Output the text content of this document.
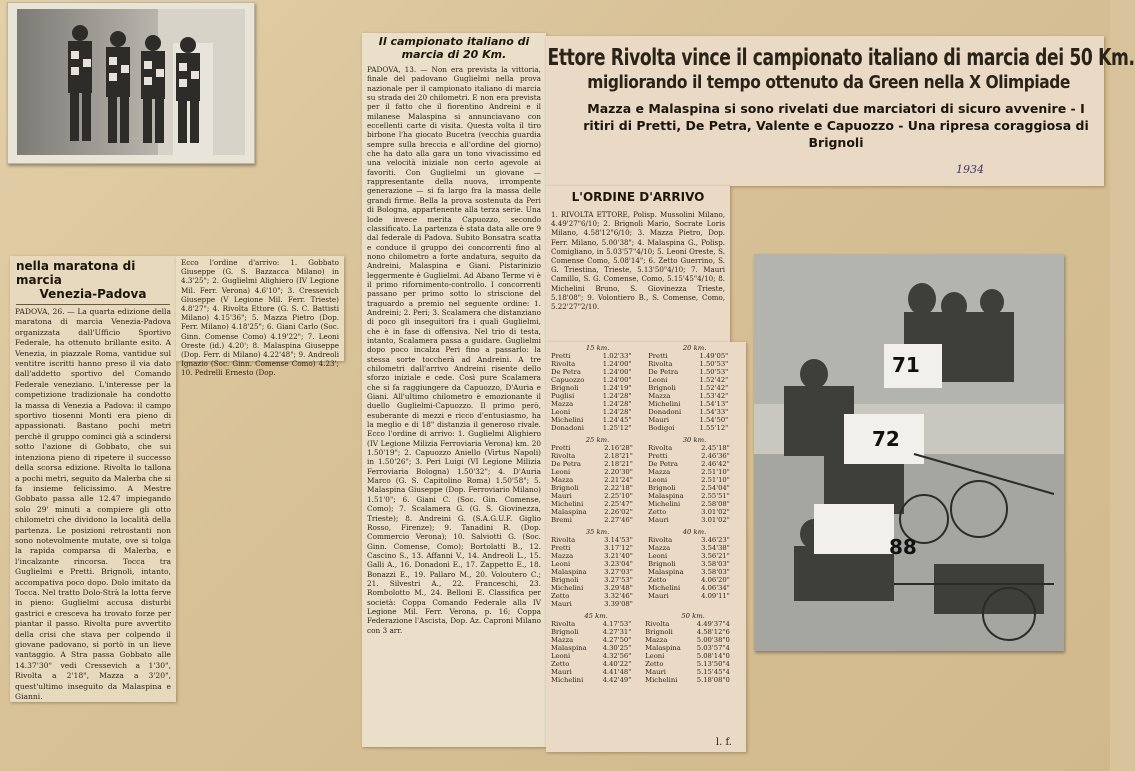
nella maratona di marcia
Venezia-Padova
PADOVA, 26. — La quarta edizione della maratona di marcia Venezia-Padova organizzata dall'Ufficio Sportivo Federale, ha ottenuto brillante esito. A Venezia, in piazzale Roma, vantidue sul ventitre iscritti hanno preso il via dato dall'addetto sportivo del Comando Federale veneziano. L'interesse per la competizione tradizionale ha condotto la massa di Venezia a Padova: il campo sportivo tiosenni Monti era pieno di appassionati. Bastano pochi metri perchè il gruppo cominci già a scindersi sotto l'azione di Gobbato, che sui intenziona pieno di ripetere il successo della scorsa edizione. Rivolta lo tallona a pochi metri, seguito da Malerba che si fa insieme felicissimo. A Mestre Gobbato passa alle 12.47 impiegando solo 29' minuti a compiere gli otto chilometri che dividono la località della partenza. Le posizioni retrostanti non sono notevolmente mutate, ove si tolga la rapida comparsa di Malerba, e l'incalzante rincorsa. Tocca tra Guglielmi e Pretti. Brignoli, intanto, accompativa poco dopo. Dolo imitato da Tocca. Nel tratto Dolo-Strà la lotta ferve in pieno: Guglielmi accusa disturbi gastrici e cresceva ha trovato forze per piantar il passo. Rivolta pure avvertito della crisi che stava per colpendo il giovane padovano, si portò in un lieve vantaggio. A Stra passa Gobbato alle 14.37'30" vedi Cressevich a 1'30", Rivolta a 2'18", Mazza a 3'20", quest'ultimo inseguito da Malaspina e Gianni.
Ecco l'ordine d'arrivo: 1. Gobbato Giuseppe (G. S. Bazzacca Milano) in 4.3'25"; 2. Guglielmi Alighiero (IV Legione Mil. Ferr. Verona) 4.6'10"; 3. Cressevich Giuseppe (V Legione Mil. Ferr. Trieste) 4.8'27"; 4. Rivolta Ettore (G. S. C. Battisti Milano) 4.15'36"; 5. Mazza Pietro (Dop. Ferr. Milano) 4.18'25"; 6. Giani Carlo (Soc. Ginn. Comense Como) 4.19'22"; 7. Leoni Oreste (id.) 4.20'; 8. Malaspina Giuseppe (Dop. Ferr. di Milano) 4.22'48"; 9. Andreoli Ignazio (Soc. Ginn. Comense Como) 4.23'; 10. Pedrelli Ernesto (Dop.
Il campionato italiano di marcia di 20 Km.
PADOVA, 13. — Non era prevista la vittoria, finale del padovano Guglielmi nella prova nazionale per il campionato italiano di marcia su strada dei 20 chilometri. E non era prevista per il fatto che il fiorentino Andreini e il milanese Malaspina si annunciavano con eccellenti carte di visita. Questa volta il tiro birbone l'ha giocato Bucetra (vecchia guardia sempre sulla breccia e all'ordine del giorno) che ha dato alla gara un tono vivacissimo ed una velocità iniziale non certo agevole ai favoriti. Con Guglielmi un giovane — rappresentante della nuova, irrompente generazione — si fa largo fra la massa delle grandi firme. Bella la prova sostenuta da Peri di Bologna, appartenente alla terza serie. Una lode invece merita Capuozzo, secondo classificato. La partenza è stata data alle ore 9 dal federale di Padova. Subito Bonsatra scatta e conduce il gruppo dei concorrenti fino al nono chilometro a forte andatura, seguito da Andreini, Malaspina e Giani. Pistarinizio leggermente è Guglielmi. Ad Abano Terme vi è il primo rifornimento-controllo. I concorrenti passano per primo sotto lo striscione del traguardo a premio nel seguente ordine: 1. Andreini; 2. Peri; 3. Scalamera che distanziano di poco gli inseguitori fra i quali Guglielmi, che è in fase di offensiva. Nel trio di testa, intanto, Scalamera passa a guidare. Guglielmi dopo poco incalza Peri fino a passarlo: la stessa sorte toccherà ad Andreini. A tre chilometri dall'arrivo Andreini risente dello sforzo iniziale e cede. Così pure Scalamera che si fa raggiungere da Capuozzo, D'Auria e Giani. All'ultimo chilometro è emozionante il duello Guglielmi-Capuozzo. Il primo però, esuberante di mezzi e ricco d'entusiasmo, ha la meglio e di 18" distanzia il generoso rivale. Ecco l'ordine di arrivo: 1. Guglielmi Alighiero (IV Legione Milizia Ferroviaria Verona) km. 20 1.50'19"; 2. Capuozzo Aniello (Virtus Napoli) in 1.50'26"; 3. Peri Luigi (VI Legione Milizia Ferroviaria Bologna) 1.50'32"; 4. D'Auria Marco (G. S. Capitolino Roma) 1.50'58"; 5. Malaspina Giuseppe (Dop. Ferroviario Milano) 1.51'0"; 6. Giani C. (Soc. Gin. Comense, Como); 7. Scalamera G. (G. S. Giovinezza, Trieste); 8. Andreini G. (S.A.G.U.F. Giglio Rosso, Firenze); 9. Tanadini R. (Dop. Commercio Verona); 10. Salviotti G. (Soc. Ginn. Comense, Como); Bortolatti B., 12. Cascino S., 13. Affanni V., 14. Andreoli L., 15. Galli A., 16. Donadoni E., 17. Zappetto E., 18. Bonazzi E., 19. Pallaro M., 20. Voloutero C.; 21. Silvestri A., 22. Franceschi, 23. Rombolotto M., 24. Belloni E. Classifica per società: Coppa Comando Federale alla IV Legione Mil. Ferr. Verona, p. 16; Coppa Federazione l'Ascista, Dop. Az. Caproni Milano con 3 arr.
Ettore Rivolta vince il campionato italiano di marcia dei 50 Km.
migliorando il tempo ottenuto da Green nella X Olimpiade
Mazza e Malaspina si sono rivelati due marciatori di sicuro avvenire - I ritiri di Pretti, De Petra, Valente e Capuozzo - Una ripresa coraggiosa di Brignoli
1934
L'ORDINE D'ARRIVO
1. RIVOLTA ETTORE, Polisp. Mussolini Milano, 4.49'27"6/10; 2. Brignoli Mario, Socrate Loris Milano, 4.58'12"6/10; 3. Mazza Pietro, Dop. Ferr. Milano, 5.00'38"; 4. Malaspina G., Polisp. Comigliano, in 5.03'57"4/10; 5. Leoni Oreste, S. Comense Como, 5.08'14"; 6. Zetto Guerrino, S. G. Triestina, Trieste, 5.13'50"4/10; 7. Mauri Camillo, S. G. Comense, Como, 5.15'45"4/10; 8. Michelini Bruno, S. Giovinezza Trieste, 5.18'08"; 9. Volontiero B., S. Comense, Como, 5.22'27"2/10.
15 km.		20 km.	
Pretti	1.02'33"	Pretti	1.49'05"
Rivolta	1.24'00"	Rivolta	1.50'53"
De Petra	1.24'00"	De Petra	1.50'53"
Capuozzo	1.24'00"	Leoni	1.52'42"
Brignoli	1.24'19"	Brignoli	1.52'42"
Puglisi	1.24'28"	Mazza	1.53'42"
Mazza	1.24'28"	Michelini	1.54'13"
Leoni	1.24'28"	Donadoni	1.54'33"
Michelini	1.24'45"	Mauri	1.54'50"
Donadoni	1.25'12"	Bodigoi	1.55'12"
25 km.		30 km.	
Pretti	2.16'28"	Rivolta	2.45'18"
Rivolta	2.18'21"	Pretti	2.46'36"
De Petra	2.18'21"	De Petra	2.46'42"
Leoni	2.20'30"	Mazza	2.51'10"
Mazza	2.21'24"	Leoni	2.51'10"
Brignoli	2.22'18"	Brignoli	2.54'04"
Mauri	2.25'10"	Malaspina	2.55'51"
Michelini	2.25'47"	Michelini	2.58'08"
Malaspina	2.26'02"	Zetto	3.01'02"
Bremi	2.27'46"	Mauri	3.01'02"
35 km.		40 km.	
Rivolta	3.14'53"	Rivolta	3.46'23"
Pretti	3.17'12"	Mazza	3.54'38"
Mazza	3.21'40"	Leoni	3.56'21"
Leoni	3.23'04"	Brignoli	3.58'03"
Malaspina	3.27'03"	Malaspina	3.58'03"
Brignoli	3.27'53"	Zetto	4.06'20"
Michelini	3.29'48"	Michelini	4.06'34"
Zetto	3.32'46"	Mauri	4.09'11"
Mauri	3.39'08"		
45 km.		50 km.	
Rivolta	4.17'53"	Rivolta	4.49'37"4
Brignoli	4.27'31"	Brignoli	4.58'12"6
Mazza	4.27'50"	Mazza	5.00'38"0
Malaspina	4.30'25"	Malaspina	5.03'57"4
Leoni	4.32'56"	Leoni	5.08'14"0
Zetto	4.40'22"	Zetto	5.13'50"4
Mauri	4.41'48"	Mauri	5.15'45"4
Michelini	4.42'49"	Michelini	5.18'08"0
l. f.
71
72
88
